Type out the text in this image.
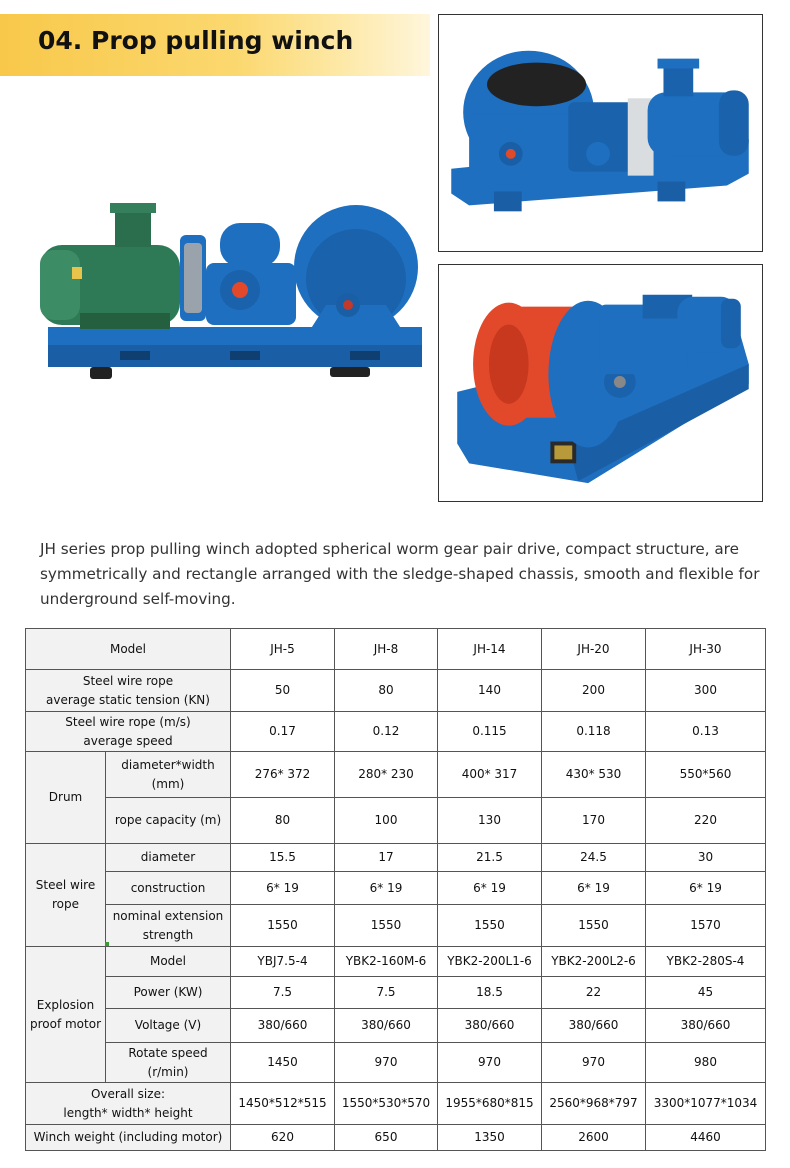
04. Prop pulling winch

JH series prop pulling winch adopted spherical worm gear pair drive, compact structure, are symmetrically and rectangle arranged with the sledge-shaped chassis, smooth and flexible for underground self-moving.

Model		JH-5	JH-8	JH-14	JH-20	JH-30
Steel wire rope
average static tension (KN)		50	80	140	200	300
Steel wire rope (m/s)
average speed		0.17	0.12	0.115	0.118	0.13
Drum	diameter*width
(mm)	276* 372	280* 230	400* 317	430* 530	550*560
	rope capacity (m)	80	100	130	170	220
Steel wire
rope	diameter	15.5	17	21.5	24.5	30
	construction	6* 19	6* 19	6* 19	6* 19	6* 19
	nominal extension
strength	1550	1550	1550	1550	1570
Explosion
proof motor	Model	YBJ7.5-4	YBK2-160M-6	YBK2-200L1-6	YBK2-200L2-6	YBK2-280S-4
	Power (KW)	7.5	7.5	18.5	22	45
	Voltage (V)	380/660	380/660	380/660	380/660	380/660
	Rotate speed
(r/min)	1450	970	970	970	980
Overall size:
length* width* height		1450*512*515	1550*530*570	1955*680*815	2560*968*797	3300*1077*1034
Winch weight (including motor)		620	650	1350	2600	4460
